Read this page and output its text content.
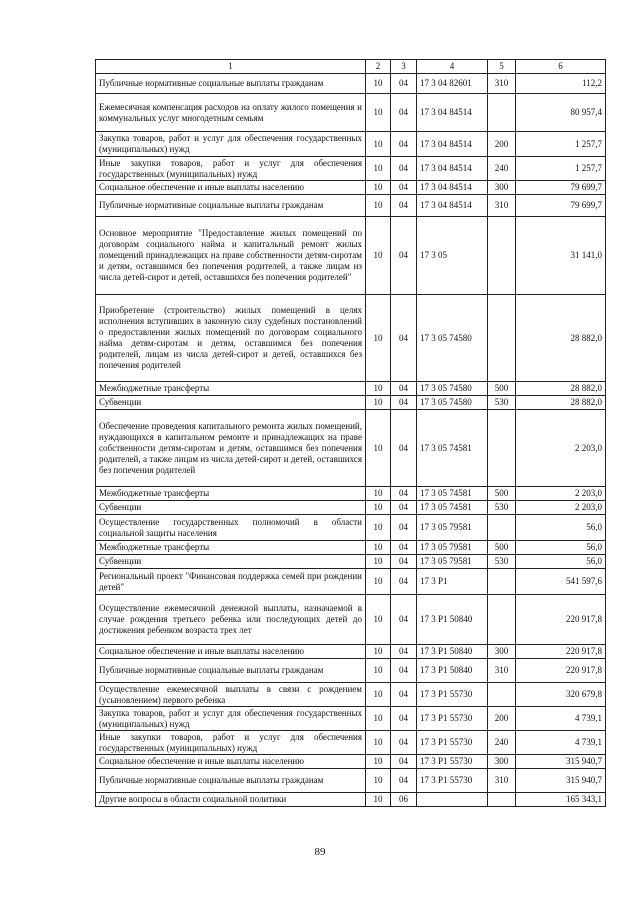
1	2	3	4	5	6
Публичные нормативные социальные выплаты гражданам	10	04	17 3 04 82601	310	112,2
Ежемесячная компенсация расходов на оплату жилого помещения и коммунальных услуг многодетным семьям	10	04	17 3 04 84514		80 957,4
Закупка товаров, работ и услуг для обеспечения государственных (муниципальных) нужд	10	04	17 3 04 84514	200	1 257,7
Иные закупки товаров, работ и услуг для обеспечения государственных (муниципальных) нужд	10	04	17 3 04 84514	240	1 257,7
Социальное обеспечение и иные выплаты населению	10	04	17 3 04 84514	300	79 699,7
Публичные нормативные социальные выплаты гражданам	10	04	17 3 04 84514	310	79 699,7
Основное мероприятие "Предоставление жилых помещений по договорам социального найма и капитальный ремонт жилых помещений принадлежащих на праве собственности детям-сиротам и детям, оставшимся без попечения родителей, а также лицам из числа детей-сирот и детей, оставшихся без попечения родителей"	10	04	17 3 05		31 141,0
Приобретение (строительство) жилых помещений в целях исполнения вступивших в законную силу судебных постановлений о предоставлении жилых помещений по договорам социального найма детям-сиротам и детям, оставшимся без попечения родителей, лицам из числа детей-сирот и детей, оставшихся без попечения родителей	10	04	17 3 05 74580		28 882,0
Межбюджетные трансферты	10	04	17 3 05 74580	500	28 882,0
Субвенции	10	04	17 3 05 74580	530	28 882,0
Обеспечение проведения капитального ремонта жилых помещений, нуждающихся в капитальном ремонте и принадлежащих на праве собственности детям-сиротам и детям, оставшимся без попечения родителей, а также лицам из числа детей-сирот и детей, оставшихся без попечения родителей	10	04	17 3 05 74581		2 203,0
Межбюджетные трансферты	10	04	17 3 05 74581	500	2 203,0
Субвенции	10	04	17 3 05 74581	530	2 203,0
Осуществление государственных полномочий в области социальной защиты населения	10	04	17 3 05 79581		56,0
Межбюджетные трансферты	10	04	17 3 05 79581	500	56,0
Субвенции	10	04	17 3 05 79581	530	56,0
Региональный проект "Финансовая поддержка семей при рождении детей"	10	04	17 3 P1		541 597,6
Осуществление ежемесячной денежной выплаты, назначаемой в случае рождения третьего ребенка или последующих детей до достижения ребенком возраста трех лет	10	04	17 3 P1 50840		220 917,8
Социальное обеспечение и иные выплаты населению	10	04	17 3 P1 50840	300	220 917,8
Публичные нормативные социальные выплаты гражданам	10	04	17 3 P1 50840	310	220 917,8
Осуществление ежемесячной выплаты в связи с рождением (усыновлением) первого ребенка	10	04	17 3 P1 55730		320 679,8
Закупка товаров, работ и услуг для обеспечения государственных (муниципальных) нужд	10	04	17 3 P1 55730	200	4 739,1
Иные закупки товаров, работ и услуг для обеспечения государственных (муниципальных) нужд	10	04	17 3 P1 55730	240	4 739,1
Социальное обеспечение и иные выплаты населению	10	04	17 3 P1 55730	300	315 940,7
Публичные нормативные социальные выплаты гражданам	10	04	17 3 P1 55730	310	315 940,7
Другие вопросы в области социальной политики	10	06			165 343,1
89
